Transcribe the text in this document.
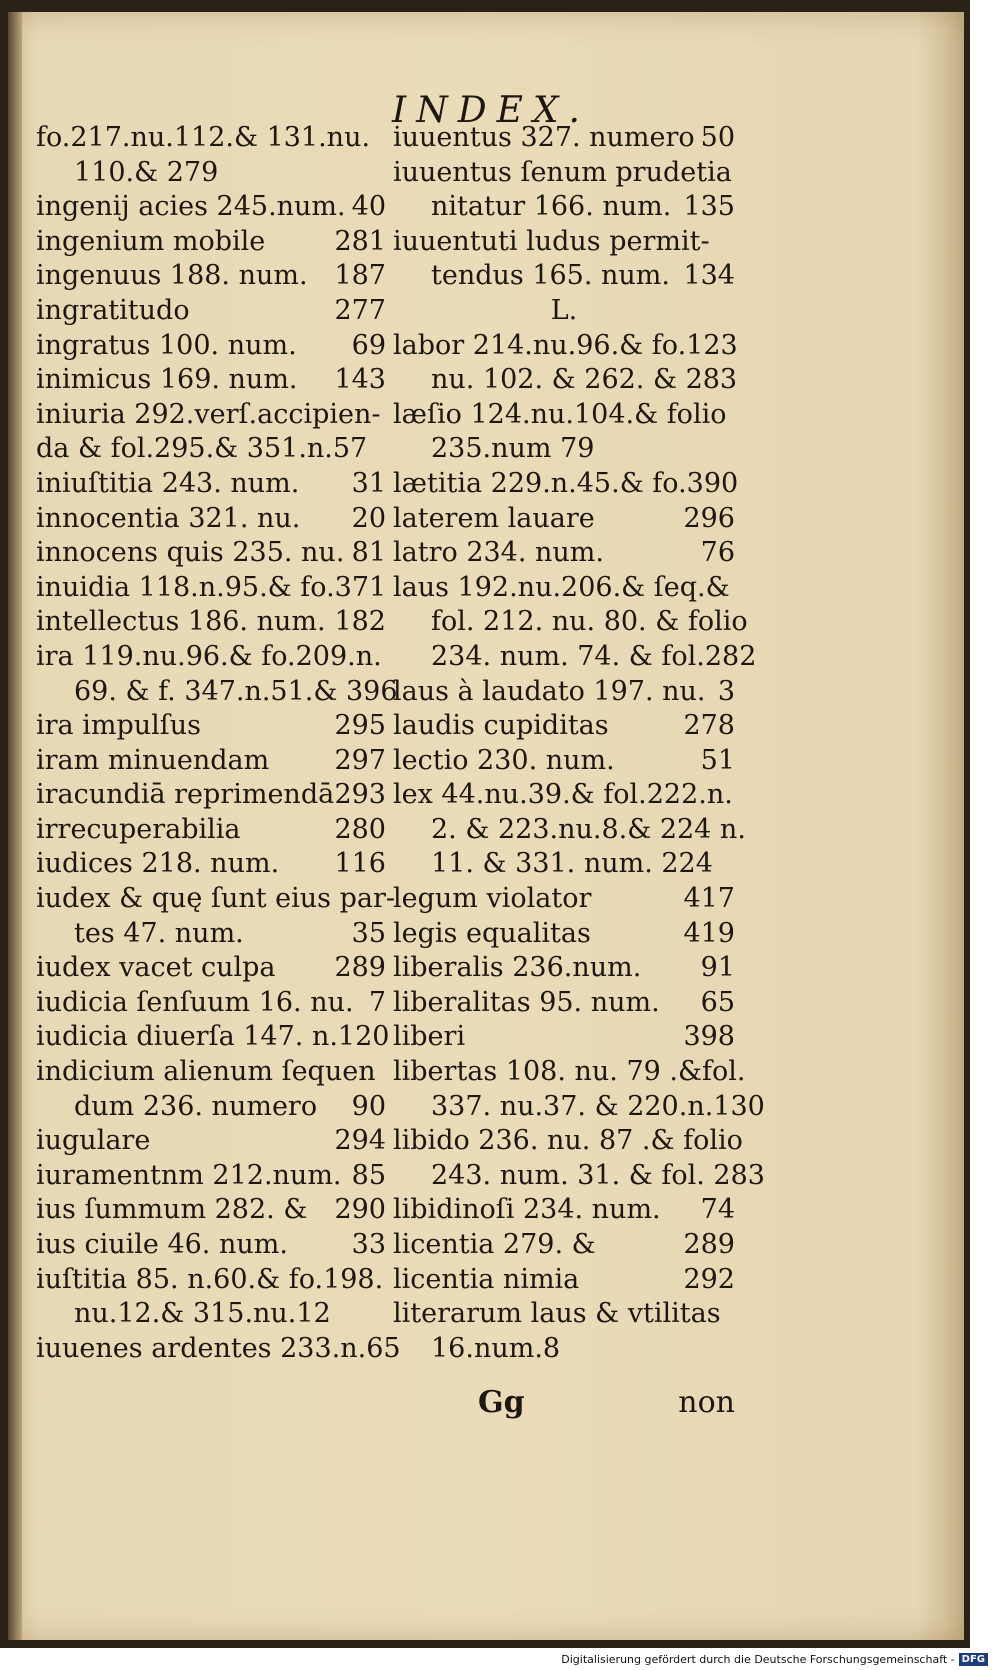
INDEX.
fo.217.nu.112.& 131.nu.
110.& 279
ingenij acies 245.num. 40
ingenium mobile	281
ingenuus 188. num. 187
ingratitudo	277
ingratus 100. num. 69
inimicus 169. num. 143
iniuria 292.verſ.accipien-
da & fol.295.& 351.n.57
iniuſtitia 243. num. 31
innocentia 321. nu. 20
innocens quis 235. nu. 81
inuidia 118.n.95.& fo. 371
intellectus 186. num. 182
ira 119.nu.96.& fo.209.n.
69. & f. 347.n.51.& 396
ira impulſus	295
iram minuendam 297
iracundiā reprimendā 293
irrecuperabilia	280
iudices 218. num. 116
iudex & quę ſunt eius par-
tes 47. num.	35
iudex vacet culpa 289
iudicia ſenſuum 16. nu. 7
iudicia diuerſa 147. n. 120
indicium alienum ſequen
dum 236. numero 90
iugulare	294
iuramentnm 212.num. 85
ius ſummum 282. & 290
ius ciuile 46. num. 33
iuſtitia 85. n.60.& fo.198.
nu.12.& 315.nu.12
iuuenes ardentes 233.n. 65
iuuentus 327. numero 50
iuuentus ſenum prudetia
nitatur 166. num. 135
iuuentuti ludus permit-
tendus 165. num. 134
L.
labor 214.nu.96.& fo.123
nu. 102. & 262. & 283
læſio 124.nu.104.& folio
235.num 79
lætitia 229.n.45.& fo.390
laterem lauare	296
latro 234. num.	76
laus 192.nu.206.& ſeq.&
fol. 212. nu. 80. & folio
234. num. 74. & fol.282
laus à laudato 197. nu. 3
laudis cupiditas	278
lectio 230. num.	51
lex 44.nu.39.& fol.222.n.
2. & 223.nu.8.& 224 n.
11. & 331. num. 224
legum violator	417
legis equalitas	419
liberalis 236.num. 91
liberalitas 95. num. 65
liberi	398
libertas 108. nu. 79 .&fol.
337. nu.37. & 220.n.130
libido 236. nu. 87 .& folio
243. num. 31. & fol. 283
libidinoſi 234. num. 74
licentia 279. &	289
licentia nimia	292
literarum laus & vtilitas
16.num.8
Gg	non
Digitalisierung gefördert durch die Deutsche Forschungsgemeinschaft - DFG
